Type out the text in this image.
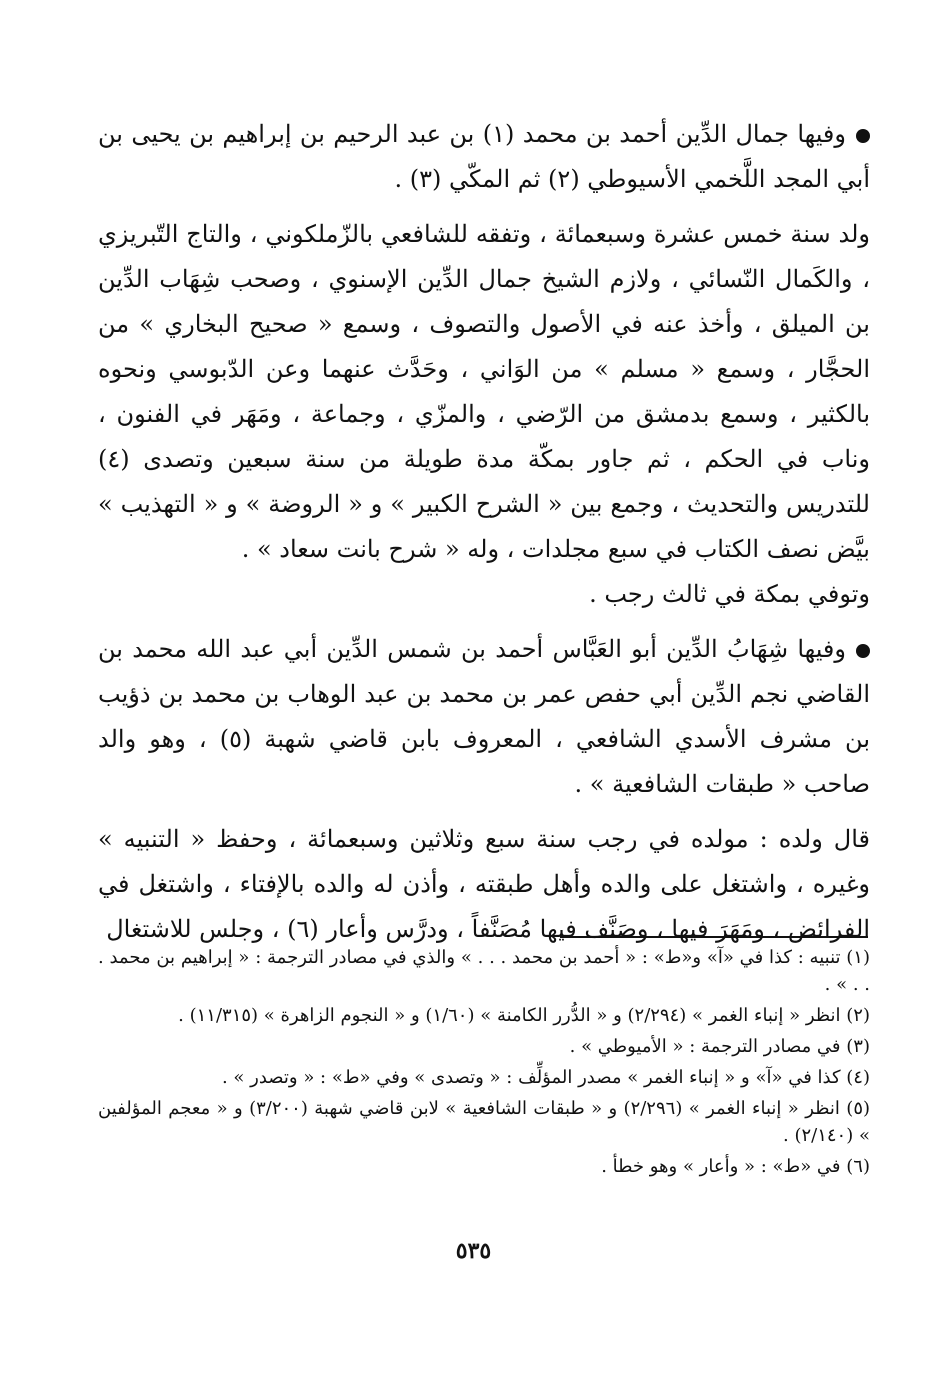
وفيها جمال الدِّين أحمد بن محمد (١) بن عبد الرحيم بن إبراهيم بن يحيى بن أبي المجد اللَّخمي الأسيوطي (٢) ثم المكّي (٣) .

ولد سنة خمس عشرة وسبعمائة ، وتفقه للشافعي بالزّملكوني ، والتاج التّبريزي ، والكَمال النّسائي ، ولازم الشيخ جمال الدِّين الإسنوي ، وصحب شِهَاب الدِّين بن الميلق ، وأخذ عنه في الأصول والتصوف ، وسمع « صحيح البخاري » من الحجَّار ، وسمع « مسلم » من الوَاني ، وحَدَّث عنهما وعن الدّبوسي ونحوه بالكثير ، وسمع بدمشق من الرّضي ، والمزّي ، وجماعة ، ومَهَر في الفنون ، وناب في الحكم ، ثم جاور بمكّة مدة طويلة من سنة سبعين وتصدى (٤) للتدريس والتحديث ، وجمع بين « الشرح الكبير » و « الروضة » و « التهذيب » بيَّض نصف الكتاب في سبع مجلدات ، وله « شرح بانت سعاد » .

وتوفي بمكة في ثالث رجب .

وفيها شِهَابُ الدِّين أبو العَبَّاس أحمد بن شمس الدِّين أبي عبد الله محمد بن القاضي نجم الدِّين أبي حفص عمر بن محمد بن عبد الوهاب بن محمد بن ذؤيب بن مشرف الأسدي الشافعي ، المعروف بابن قاضي شهبة (٥) ، وهو والد صاحب « طبقات الشافعية » .

قال ولده : مولده في رجب سنة سبع وثلاثين وسبعمائة ، وحفظ « التنبيه » وغيره ، واشتغل على والده وأهل طبقته ، وأذن له والده بالإفتاء ، واشتغل في الفرائض ، ومَهَرَ فيها ، وصَنَّف فيها مُصَنَّفاً ، ودرَّس وأعار (٦) ، وجلس للاشتغال

(١) تنبيه : كذا في «آ» و«ط» : « أحمد بن محمد . . . » والذي في مصادر الترجمة : « إبراهيم بن محمد . . . » .

(٢) انظر « إنباء الغمر » (٢/٢٩٤) و « الدُّرر الكامنة » (١/٦٠) و « النجوم الزاهرة » (١١/٣١٥) .

(٣) في مصادر الترجمة : « الأميوطي » .

(٤) كذا في «آ» و « إنباء الغمر » مصدر المؤلِّف : « وتصدى » وفي «ط» : « وتصدر » .

(٥) انظر « إنباء الغمر » (٢/٢٩٦) و « طبقات الشافعية » لابن قاضي شهبة (٣/٢٠٠) و « معجم المؤلفين » (٢/١٤٠) .

(٦) في «ط» : « وأعار » وهو خطأ .

٥٣٥
